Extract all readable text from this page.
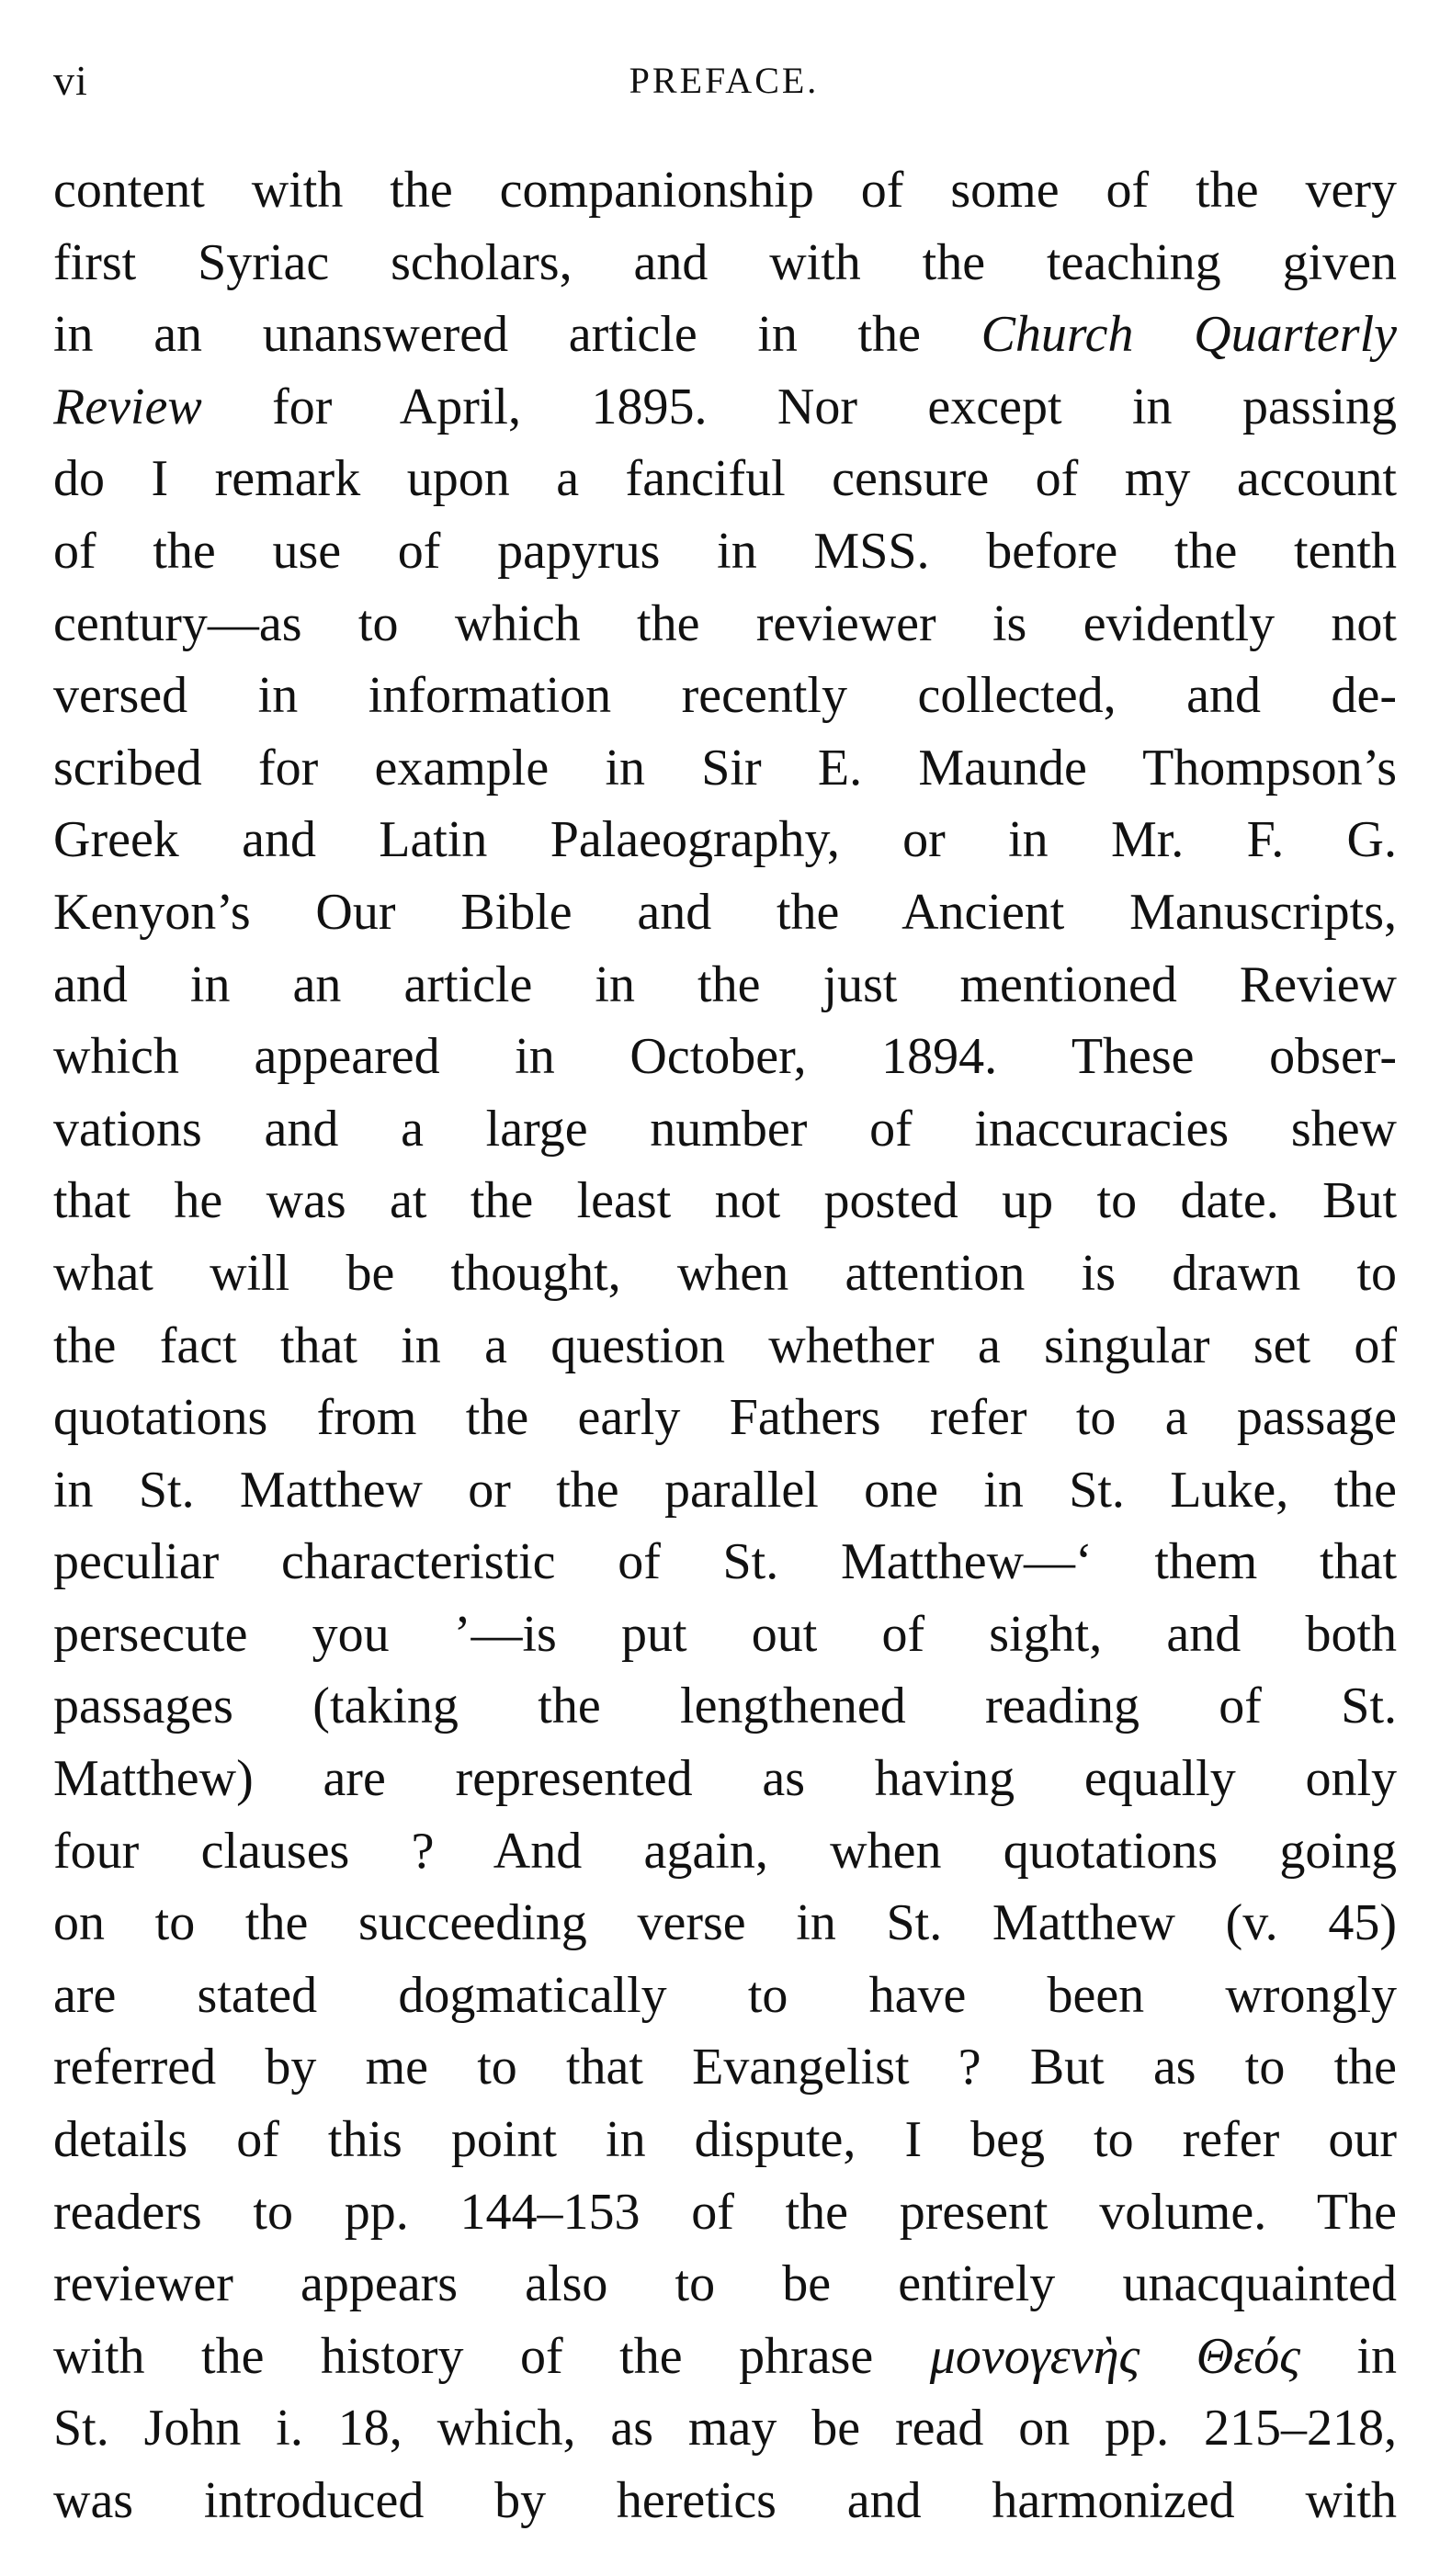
vi	PREFACE.
content with the companionship of some of the very
first Syriac scholars, and with the teaching given
in an unanswered article in the Church Quarterly
Review for April, 1895. Nor except in passing
do I remark upon a fanciful censure of my account
of the use of papyrus in MSS. before the tenth
century—as to which the reviewer is evidently not
versed in information recently collected, and de-
scribed for example in Sir E. Maunde Thompson’s
Greek and Latin Palaeography, or in Mr. F. G.
Kenyon’s Our Bible and the Ancient Manuscripts,
and in an article in the just mentioned Review
which appeared in October, 1894. These obser-
vations and a large number of inaccuracies shew
that he was at the least not posted up to date. But
what will be thought, when attention is drawn to
the fact that in a question whether a singular set of
quotations from the early Fathers refer to a passage
in St. Matthew or the parallel one in St. Luke, the
peculiar characteristic of St. Matthew—‘ them that
persecute you ’—is put out of sight, and both
passages (taking the lengthened reading of St.
Matthew) are represented as having equally only
four clauses ? And again, when quotations going
on to the succeeding verse in St. Matthew (v. 45)
are stated dogmatically to have been wrongly
referred by me to that Evangelist ? But as to the
details of this point in dispute, I beg to refer our
readers to pp. 144–153 of the present volume. The
reviewer appears also to be entirely unacquainted
with the history of the phrase μονογενὴς Θεός in
St. John i. 18, which, as may be read on pp. 215–218,
was introduced by heretics and harmonized with
